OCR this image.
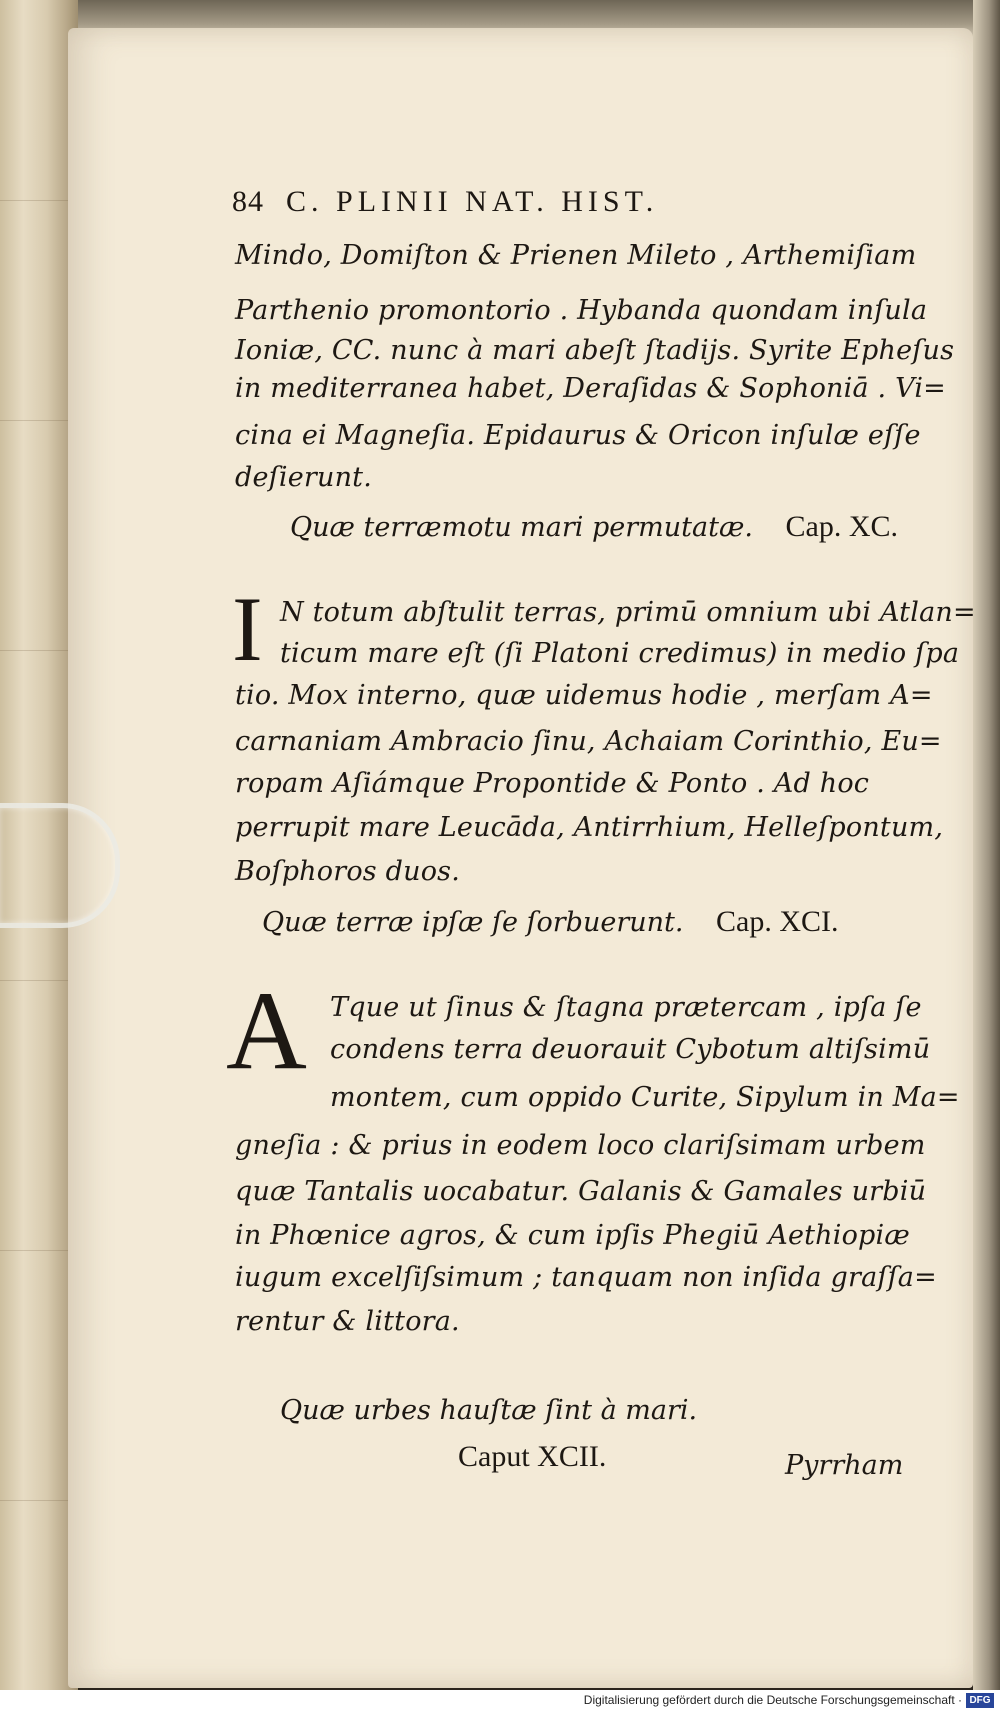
84 C. PLINII NAT. HIST.
Mindo, Domiſton & Prienen Mileto , Arthemiſiam
Parthenio promontorio . Hybanda quondam inſula
Ioniæ, CC. nunc à mari abeſt ſtadijs. Syrite Epheſus
in mediterranea habet, Deraſidas & Sophoniā . Vi=
cina ei Magneſia. Epidaurus & Oricon inſulæ eſſe
deſierunt.
Quæ terræmotu mari permutatæ. Cap. XC.
I N totum abſtulit terras, primū omnium ubi Atlan=
ticum mare eſt (ſi Platoni credimus) in medio ſpa
tio. Mox interno, quæ uidemus hodie , merſam A=
carnaniam Ambracio ſinu, Achaiam Corinthio, Eu=
ropam Aſiámque Propontide & Ponto . Ad hoc
perrupit mare Leucāda, Antirrhium, Helleſpontum,
Boſphoros duos.
Quæ terræ ipſæ ſe ſorbuerunt. Cap. XCI.
A Tque ut ſinus & ſtagna prætercam , ipſa ſe
condens terra deuorauit Cybotum altiſsimū
montem, cum oppido Curite, Sipylum in Ma=
gneſia : & prius in eodem loco clariſsimam urbem
quæ Tantalis uocabatur. Galanis & Gamales urbiū
in Phœnice agros, & cum ipſis Phegiū Aethiopiæ
iugum excelſiſsimum ; tanquam non inſida graſſa=
rentur & littora.
Quæ urbes hauſtæ ſint à mari.
Caput XCII.	Pyrrham
Digitalisierung gefördert durch die Deutsche Forschungsgemeinschaft · DFG
